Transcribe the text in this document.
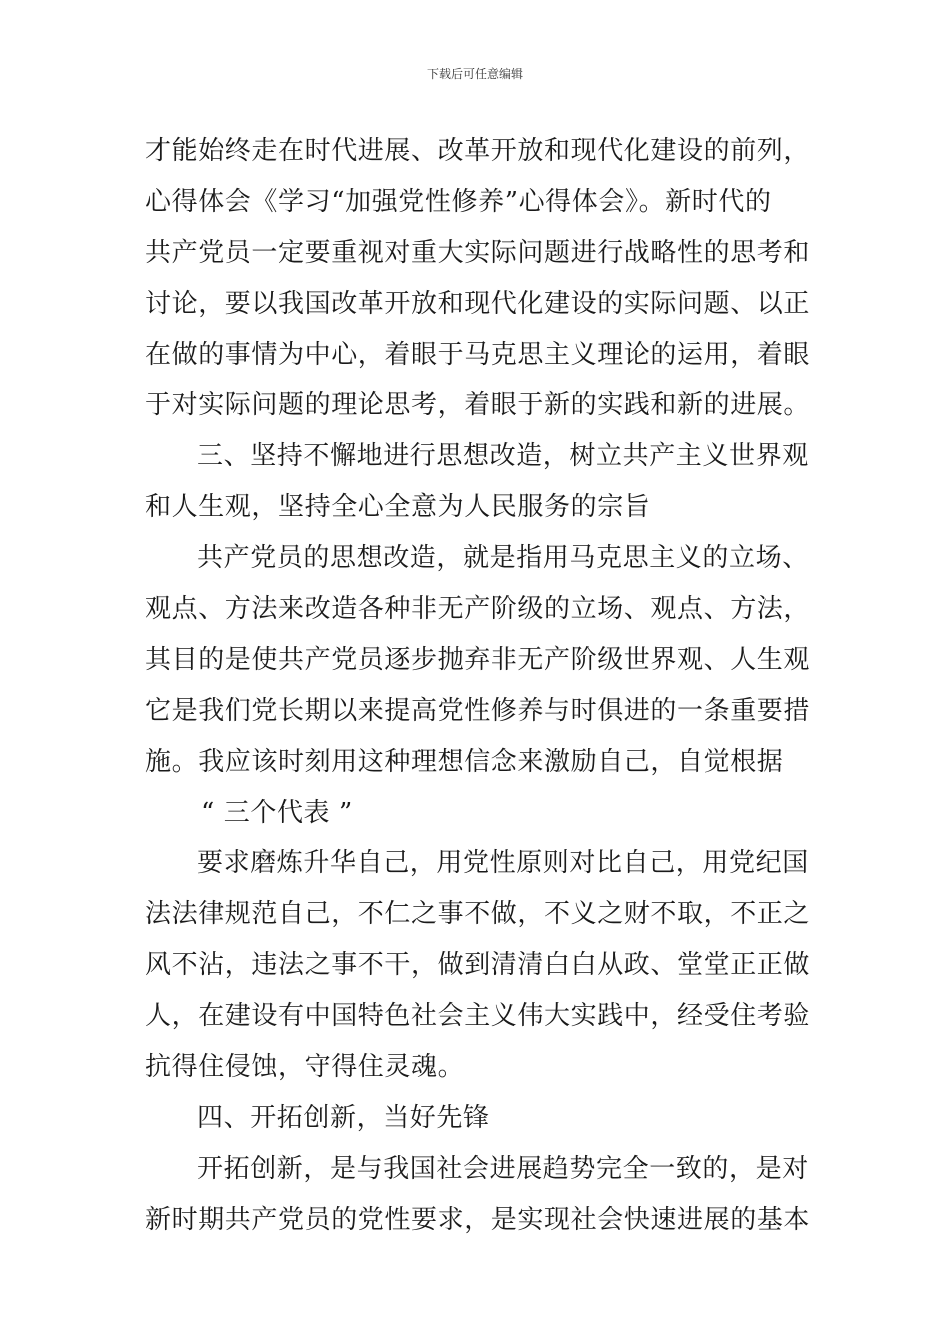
下载后可任意编辑
才能始终走在时代进展、改革开放和现代化建设的前列，
心得体会《学习“加强党性修养”心得体会》。新时代的
共产党员一定要重视对重大实际问题进行战略性的思考和
讨论，要以我国改革开放和现代化建设的实际问题、以正
在做的事情为中心，着眼于马克思主义理论的运用，着眼
于对实际问题的理论思考，着眼于新的实践和新的进展。
三、坚持不懈地进行思想改造，树立共产主义世界观
和人生观，坚持全心全意为人民服务的宗旨
共产党员的思想改造，就是指用马克思主义的立场、
观点、方法来改造各种非无产阶级的立场、观点、方法，
其目的是使共产党员逐步抛弃非无产阶级世界观、人生观
它是我们党长期以来提高党性修养与时俱进的一条重要措
施。我应该时刻用这种理想信念来激励自己，自觉根据
“ 三个代表 ”
要求磨炼升华自己，用党性原则对比自己，用党纪国
法法律规范自己，不仁之事不做，不义之财不取，不正之
风不沾，违法之事不干，做到清清白白从政、堂堂正正做
人，在建设有中国特色社会主义伟大实践中，经受住考验
抗得住侵蚀，守得住灵魂。
四、开拓创新，当好先锋
开拓创新，是与我国社会进展趋势完全一致的，是对
新时期共产党员的党性要求，是实现社会快速进展的基本
